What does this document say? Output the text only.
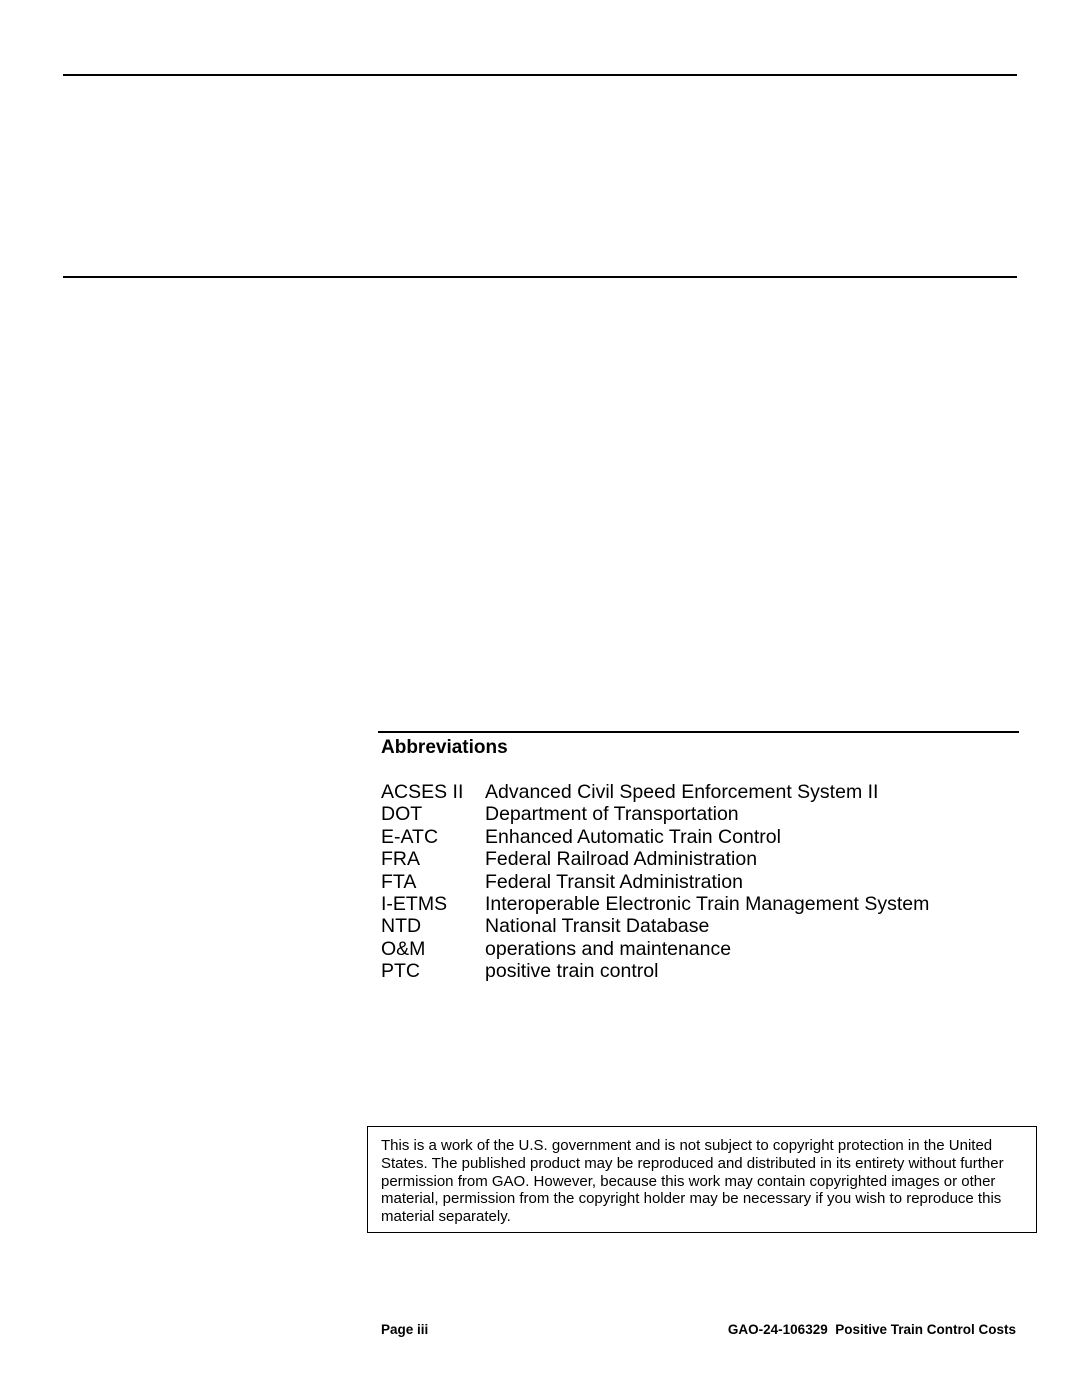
Abbreviations
ACSES II	Advanced Civil Speed Enforcement System II
DOT	Department of Transportation
E-ATC	Enhanced Automatic Train Control
FRA	Federal Railroad Administration
FTA	Federal Transit Administration
I-ETMS	Interoperable Electronic Train Management System
NTD	National Transit Database
O&M	operations and maintenance
PTC	positive train control
This is a work of the U.S. government and is not subject to copyright protection in the United States. The published product may be reproduced and distributed in its entirety without further permission from GAO. However, because this work may contain copyrighted images or other material, permission from the copyright holder may be necessary if you wish to reproduce this material separately.
Page iii	GAO-24-106329  Positive Train Control Costs
